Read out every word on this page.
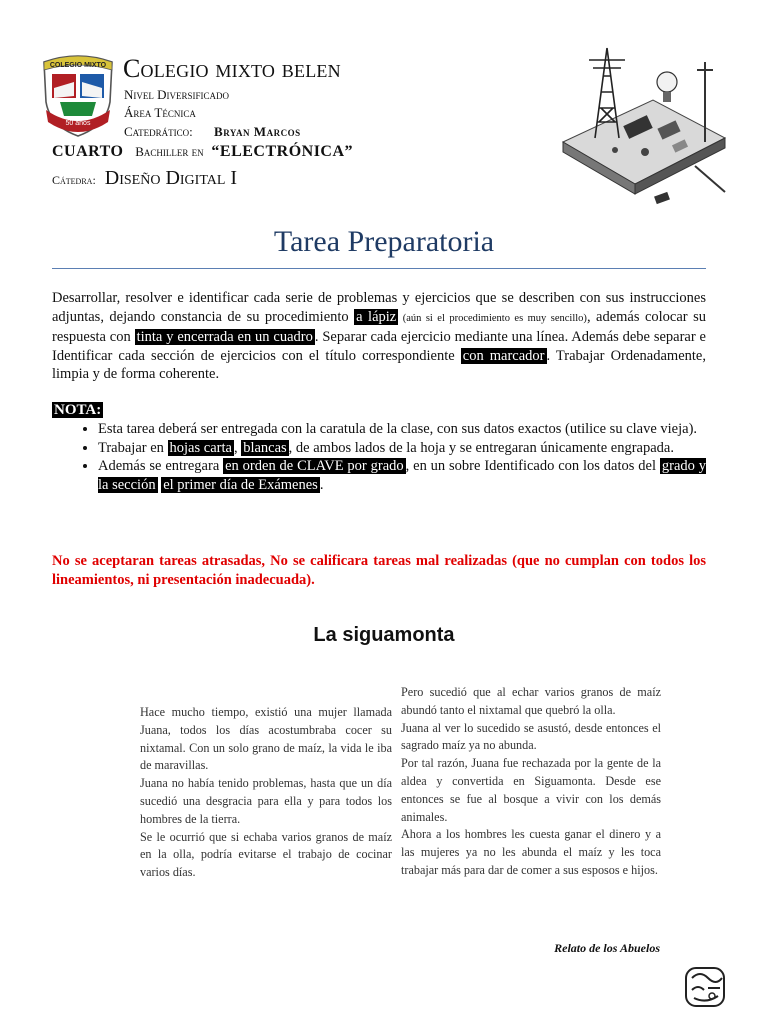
COLEGIO MIXTO
50 años
Colegio mixto belen
Nivel Diversificado
Área Técnica
Catedrático: Bryan Marcos
CUARTO Bachiller en “ELECTRÓNICA”
Cátedra: Diseño Digital I
Tarea Preparatoria
Desarrollar, resolver e identificar cada serie de problemas y ejercicios que se describen con sus instrucciones adjuntas, dejando constancia de su procedimiento a lápiz (aún si el procedimiento es muy sencillo), además colocar su respuesta con tinta y encerrada en un cuadro . Separar cada ejercicio mediante una línea. Además debe separar e Identificar cada sección de ejercicios con el título correspondiente con marcador . Trabajar Ordenadamente, limpia y de forma coherente.
NOTA:
• Esta tarea deberá ser entregada con la caratula de la clase, con sus datos exactos (utilice su clave vieja).
• Trabajar en hojas carta , blancas , de ambos lados de la hoja y se entregaran únicamente engrapada.
• Además se entregara en orden de CLAVE por grado , en un sobre Identificado con los datos del grado y la sección el primer día de Exámenes .
No se aceptaran tareas atrasadas, No se calificara tareas mal realizadas (que no cumplan con todos los lineamientos, ni presentación inadecuada).
La siguamonta

Hace mucho tiempo, existió una mujer llamada Juana, todos los días acostumbraba cocer su nixtamal. Con un solo grano de maíz, la vida le iba de maravillas.

Juana no había tenido problemas, hasta que un día sucedió una desgracia para ella y para todos los hombres de la tierra.

Se le ocurrió que si echaba varios granos de maíz en la olla, podría evitarse el trabajo de cocinar varios días.

Pero sucedió que al echar varios granos de maíz abundó tanto el nixtamal que quebró la olla.

Juana al ver lo sucedido se asustó, desde entonces el sagrado maíz ya no abunda.

Por tal razón, Juana fue rechazada por la gente de la aldea y convertida en Siguamonta. Desde ese entonces se fue al bosque a vivir con los demás animales.

Ahora a los hombres les cuesta ganar el dinero y a las mujeres ya no les abunda el maíz y les toca trabajar más para dar de comer a sus esposos e hijos.

Relato de los Abuelos
